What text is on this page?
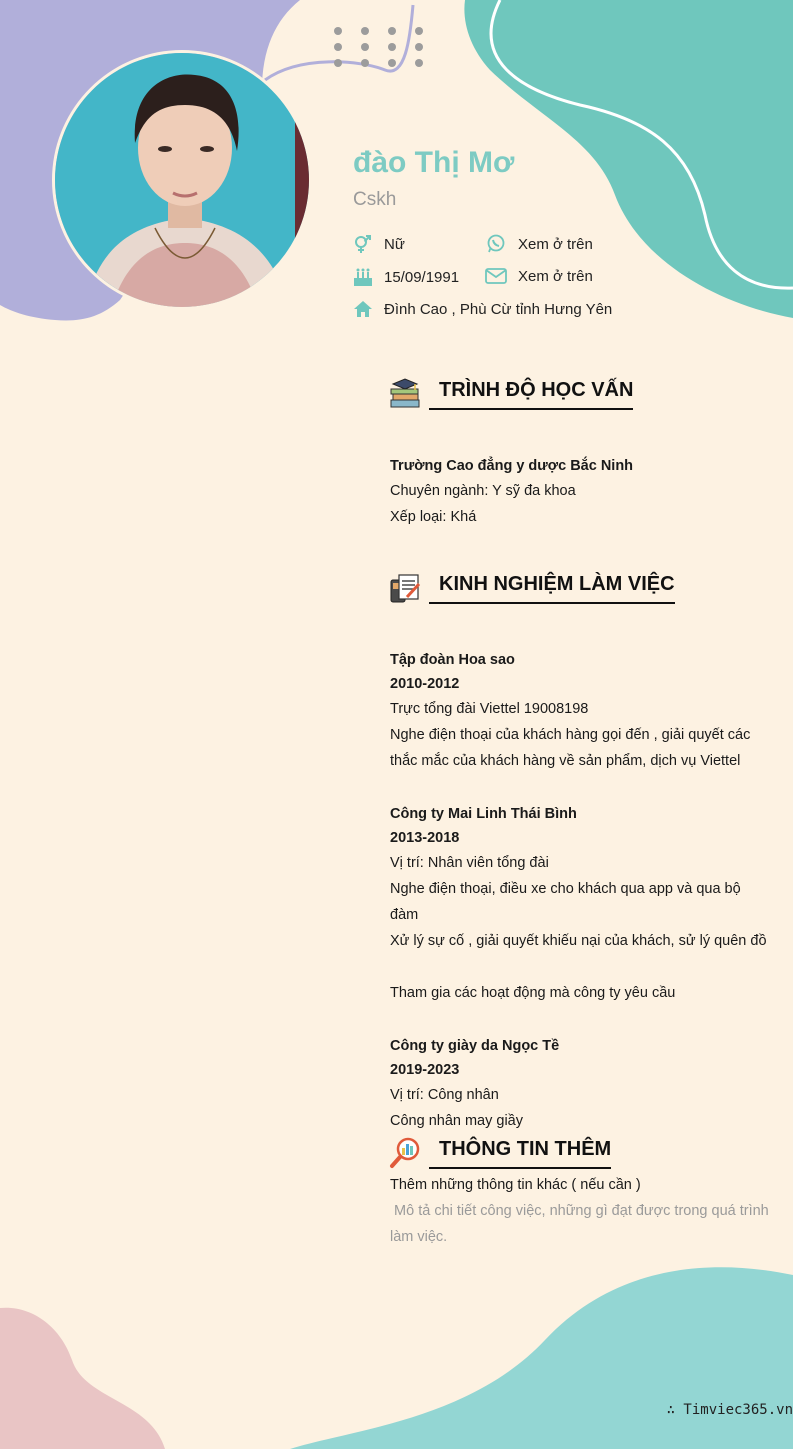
đào Thị Mơ
Cskh
Nữ	Xem ở trên
15/09/1991	Xem ở trên
Đình Cao , Phù Cừ tỉnh Hưng Yên
TRÌNH ĐỘ HỌC VẤN
Trường Cao đẳng y dược Bắc Ninh
Chuyên ngành: Y sỹ đa khoa
Xếp loại: Khá
KINH NGHIỆM LÀM VIỆC
Tập đoàn Hoa sao
2010-2012
Trực tổng đài Viettel 19008198
Nghe điện thoại của khách hàng gọi đến , giải quyết các thắc mắc của khách hàng về sản phẩm, dịch vụ Viettel
Công ty Mai Linh Thái Bình
2013-2018
Vị trí: Nhân viên tổng đài
Nghe điện thoại, điều xe cho khách qua app và qua bộ đàm
Xử lý sự cố , giải quyết khiếu nại của khách, sử lý quên đồ
Tham gia các hoạt động mà công ty yêu cầu
Công ty giày da Ngọc Tề
2019-2023
Vị trí: Công nhân
Công nhân may giầy
THÔNG TIN THÊM
Thêm những thông tin khác ( nếu cần )
Mô tả chi tiết công việc, những gì đạt được trong quá trình làm việc.
∴ Timviec365.vn
